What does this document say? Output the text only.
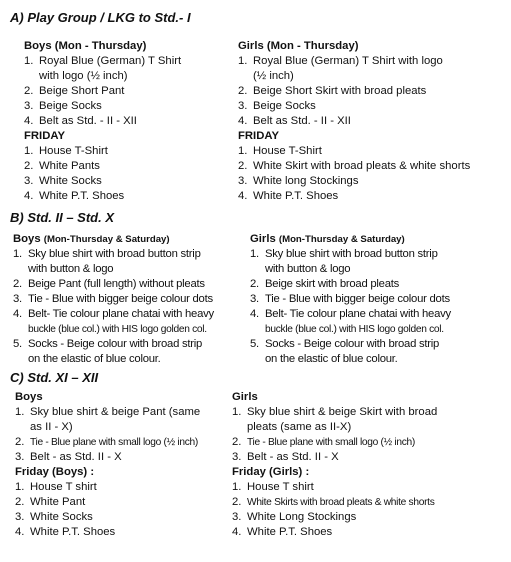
A) Play Group / LKG to Std.- I
Boys (Mon - Thursday)
1. Royal Blue (German) T Shirt
with logo (½ inch)
2. Beige Short Pant
3. Beige Socks
4. Belt as Std. - II - XII
FRIDAY
1. House T-Shirt
2. White Pants
3. White Socks
4. White P.T. Shoes
Girls (Mon - Thursday)
1. Royal Blue (German) T Shirt with logo
(½ inch)
2. Beige Short Skirt with broad pleats
3. Beige Socks
4. Belt as Std. - II - XII
FRIDAY
1. House T-Shirt
2. White Skirt with broad pleats & white shorts
3. White long Stockings
4. White P.T. Shoes
B) Std. II – Std. X
Boys (Mon-Thursday & Saturday)
1. Sky blue shirt with broad button strip
with button & logo
2. Beige Pant (full length) without pleats
3. Tie - Blue with bigger beige colour dots
4. Belt- Tie colour plane chatai with heavy
buckle (blue col.) with HIS logo golden col.
5. Socks - Beige colour with broad strip
on the elastic of blue colour.
Girls (Mon-Thursday & Saturday)
1. Sky blue shirt with broad button strip
with button & logo
2. Beige skirt with broad pleats
3. Tie - Blue with bigger beige colour dots
4. Belt- Tie colour plane chatai with heavy
buckle (blue col.) with HIS logo golden col.
5. Socks - Beige colour with broad strip
on the elastic of blue colour.
C) Std. XI – XII
Boys
1. Sky blue shirt & beige Pant (same
as II - X)
2. Tie - Blue plane with small logo (½ inch)
3. Belt - as Std. II - X
Friday (Boys) :
1. House T shirt
2. White Pant
3. White Socks
4. White P.T. Shoes
Girls
1. Sky blue shirt & beige Skirt with broad
pleats (same as II-X)
2. Tie - Blue plane with small logo (½ inch)
3. Belt - as Std. II - X
Friday (Girls) :
1. House T shirt
2. White Skirts with broad pleats & white shorts
3. White Long Stockings
4. White P.T. Shoes
